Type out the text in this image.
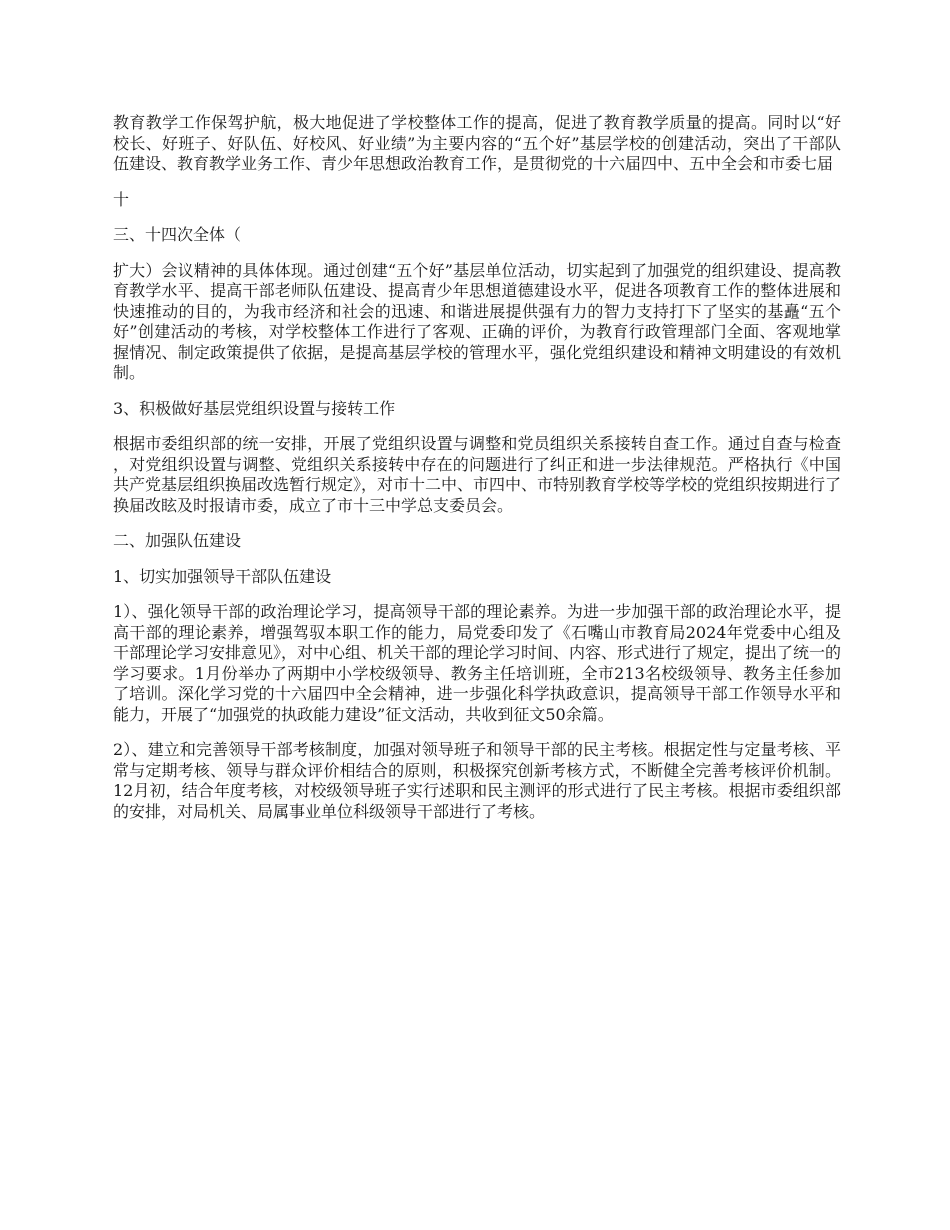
教育教学工作保驾护航，极大地促进了学校整体工作的提高，促进了教育教学质量的提高。同时以“好校长、好班子、好队伍、好校风、好业绩”为主要内容的“五个好”基层学校的创建活动，突出了干部队伍建设、教育教学业务工作、青少年思想政治教育工作，是贯彻党的十六届四中、五中全会和市委七届

十

三、十四次全体（

扩大）会议精神的具体体现。通过创建“五个好”基层单位活动，切实起到了加强党的组织建设、提高教育教学水平、提高干部老师队伍建设、提高青少年思想道德建设水平，促进各项教育工作的整体进展和快速推动的目的，为我市经济和社会的迅速、和谐进展提供强有力的智力支持打下了坚实的基矗“五个好”创建活动的考核，对学校整体工作进行了客观、正确的评价，为教育行政管理部门全面、客观地掌握情况、制定政策提供了依据，是提高基层学校的管理水平，强化党组织建设和精神文明建设的有效机制。

3、积极做好基层党组织设置与接转工作

根据市委组织部的统一安排，开展了党组织设置与调整和党员组织关系接转自查工作。通过自查与检查，对党组织设置与调整、党组织关系接转中存在的问题进行了纠正和进一步法律规范。严格执行《中国共产党基层组织换届改选暂行规定》，对市十二中、市四中、市特别教育学校等学校的党组织按期进行了换届改眩及时报请市委，成立了市十三中学总支委员会。

二、加强队伍建设

1、切实加强领导干部队伍建设

1）、强化领导干部的政治理论学习，提高领导干部的理论素养。为进一步加强干部的政治理论水平，提高干部的理论素养，增强驾驭本职工作的能力，局党委印发了《石嘴山市教育局2024年党委中心组及干部理论学习安排意见》，对中心组、机关干部的理论学习时间、内容、形式进行了规定，提出了统一的学习要求。1月份举办了两期中小学校级领导、教务主任培训班，全市213名校级领导、教务主任参加了培训。深化学习党的十六届四中全会精神，进一步强化科学执政意识，提高领导干部工作领导水平和能力，开展了“加强党的执政能力建设”征文活动，共收到征文50余篇。

2）、建立和完善领导干部考核制度，加强对领导班子和领导干部的民主考核。根据定性与定量考核、平常与定期考核、领导与群众评价相结合的原则，积极探究创新考核方式，不断健全完善考核评价机制。12月初，结合年度考核，对校级领导班子实行述职和民主测评的形式进行了民主考核。根据市委组织部的安排，对局机关、局属事业单位科级领导干部进行了考核。
